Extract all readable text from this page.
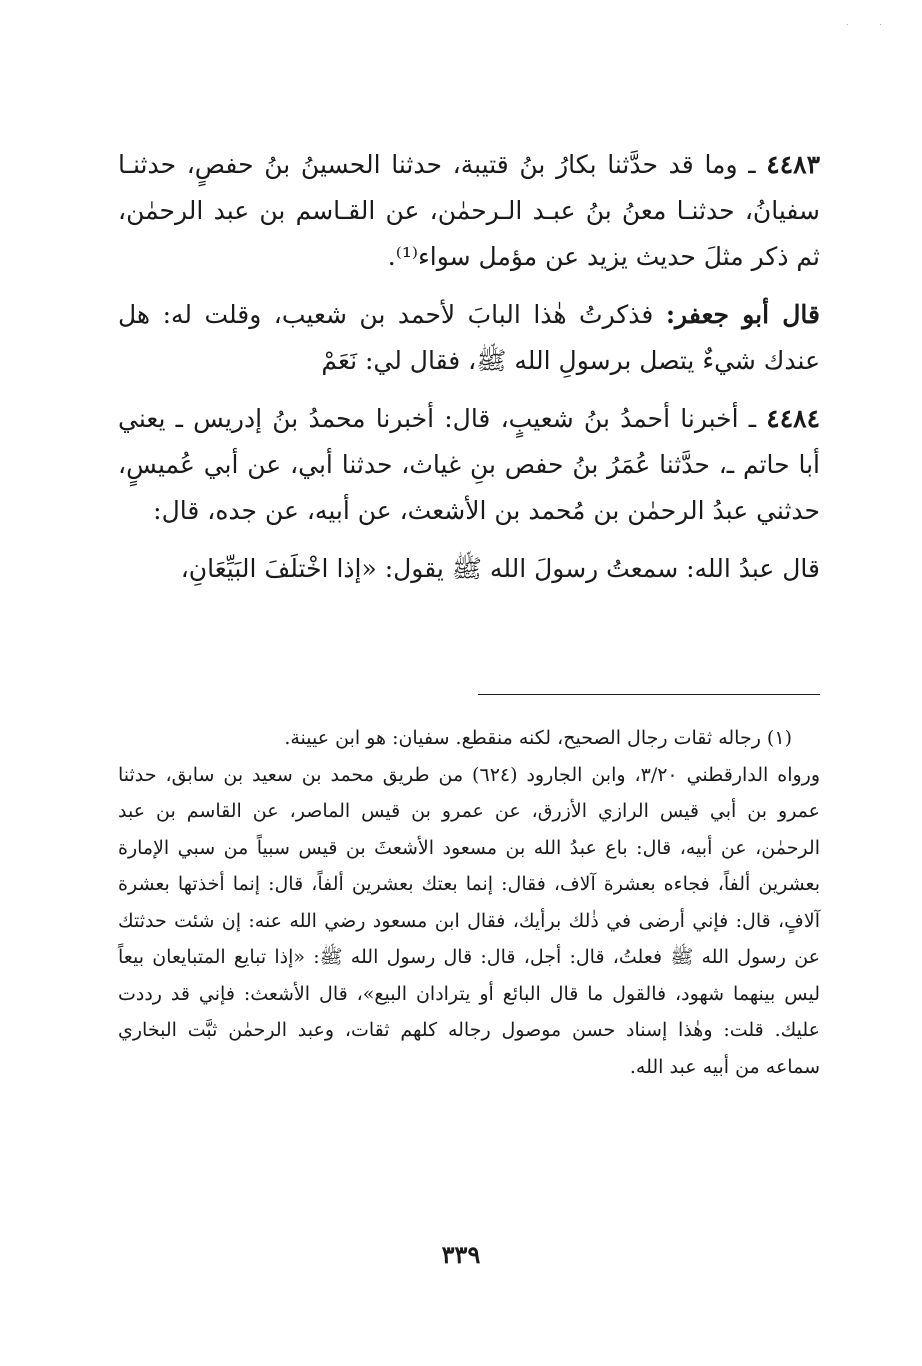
. .

٤٤٨٣ ـ وما قد حدَّثنا بكارُ بنُ قتيبة، حدثنا الحسينُ بنُ حفصٍ، حدثنـا سفيانُ، حدثنـا معنُ بنُ عبـد الـرحمٰن، عن القـاسم بن عبد الرحمٰن، ثم ذكر مثلَ حديث يزيد عن مؤمل سواء⁽¹⁾.

قال أبو جعفر: فذكرتُ هٰذا البابَ لأحمد بن شعيب، وقلت له: هل عندك شيءٌ يتصل برسولِ الله ﷺ، فقال لي: نَعَمْ

٤٤٨٤ ـ أخبرنا أحمدُ بنُ شعيبٍ، قال: أخبرنا محمدُ بنُ إدريس ـ يعني أبا حاتم ـ، حدَّثنا عُمَرُ بنُ حفص بنِ غياث، حدثنا أبي، عن أبي عُميسٍ، حدثني عبدُ الرحمٰن بن مُحمد بن الأشعث، عن أبيه، عن جده، قال:

قال عبدُ الله: سمعتُ رسولَ الله ﷺ يقول: «إذا اخْتلَفَ البَيِّعَانِ،

(١) رجاله ثقات رجال الصحيح، لكنه منقطع. سفيان: هو ابن عيينة.

ورواه الدارقطني ٣/٢٠، وابن الجارود (٦٢٤) من طريق محمد بن سعيد بن سابق، حدثنا عمرو بن أبي قيس الرازي الأزرق، عن عمرو بن قيس الماصر، عن القاسم بن عبد الرحمٰن، عن أبيه، قال: باع عبدُ الله بن مسعود الأشعثَ بن قيس سبياً من سبي الإمارة بعشرين ألفاً، فجاءه بعشرة آلاف، فقال: إنما بعتك بعشرين ألفاً، قال: إنما أخذتها بعشرة آلافٍ، قال: فإني أرضى في ذٰلك برأيك، فقال ابن مسعود رضي الله عنه: إن شئت حدثتك عن رسول الله ﷺ فعلتُ، قال: أجل، قال: قال رسول الله ﷺ: «إذا تبايع المتبايعان بيعاً ليس بينهما شهود، فالقول ما قال البائع أو يترادان البيع»، قال الأشعث: فإني قد رددت عليك. قلت: وهٰذا إسناد حسن موصول رجاله كلهم ثقات، وعبد الرحمٰن ثبَّت البخاري سماعه من أبيه عبد الله.

٣٣٩
